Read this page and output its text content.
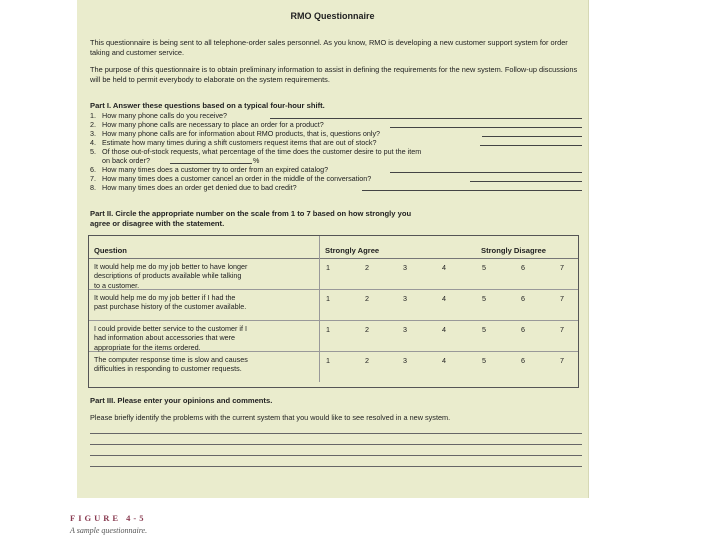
RMO Questionnaire
This questionnaire is being sent to all telephone-order sales personnel. As you know, RMO is developing a new customer support system for order taking and customer service.
The purpose of this questionnaire is to obtain preliminary information to assist in defining the requirements for the new system. Follow-up discussions will be held to permit everybody to elaborate on the system requirements.
Part I. Answer these questions based on a typical four-hour shift.
1. How many phone calls do you receive?
2. How many phone calls are necessary to place an order for a product?
3. How many phone calls are for information about RMO products, that is, questions only?
4. Estimate how many times during a shift customers request items that are out of stock?
5. Of those out-of-stock requests, what percentage of the time does the customer desire to put the item
on back order?	%
6. How many times does a customer try to order from an expired catalog?
7. How many times does a customer cancel an order in the middle of the conversation?
8. How many times does an order get denied due to bad credit?
Part II. Circle the appropriate number on the scale from 1 to 7 based on how strongly you
agree or disagree with the statement.
Question	Strongly Agree	Strongly Disagree
It would help me do my job better to have longer
descriptions of products available while talking
to a customer.
1	2	3	4	5	6	7
It would help me do my job better if I had the
past purchase history of the customer available.
1	2	3	4	5	6	7
I could provide better service to the customer if I
had information about accessories that were
appropriate for the items ordered.
1	2	3	4	5	6	7
The computer response time is slow and causes
difficulties in responding to customer requests.
1	2	3	4	5	6	7
Part III. Please enter your opinions and comments.
Please briefly identify the problems with the current system that you would like to see resolved in a new system.
FIGURE 4-5
A sample questionnaire.
